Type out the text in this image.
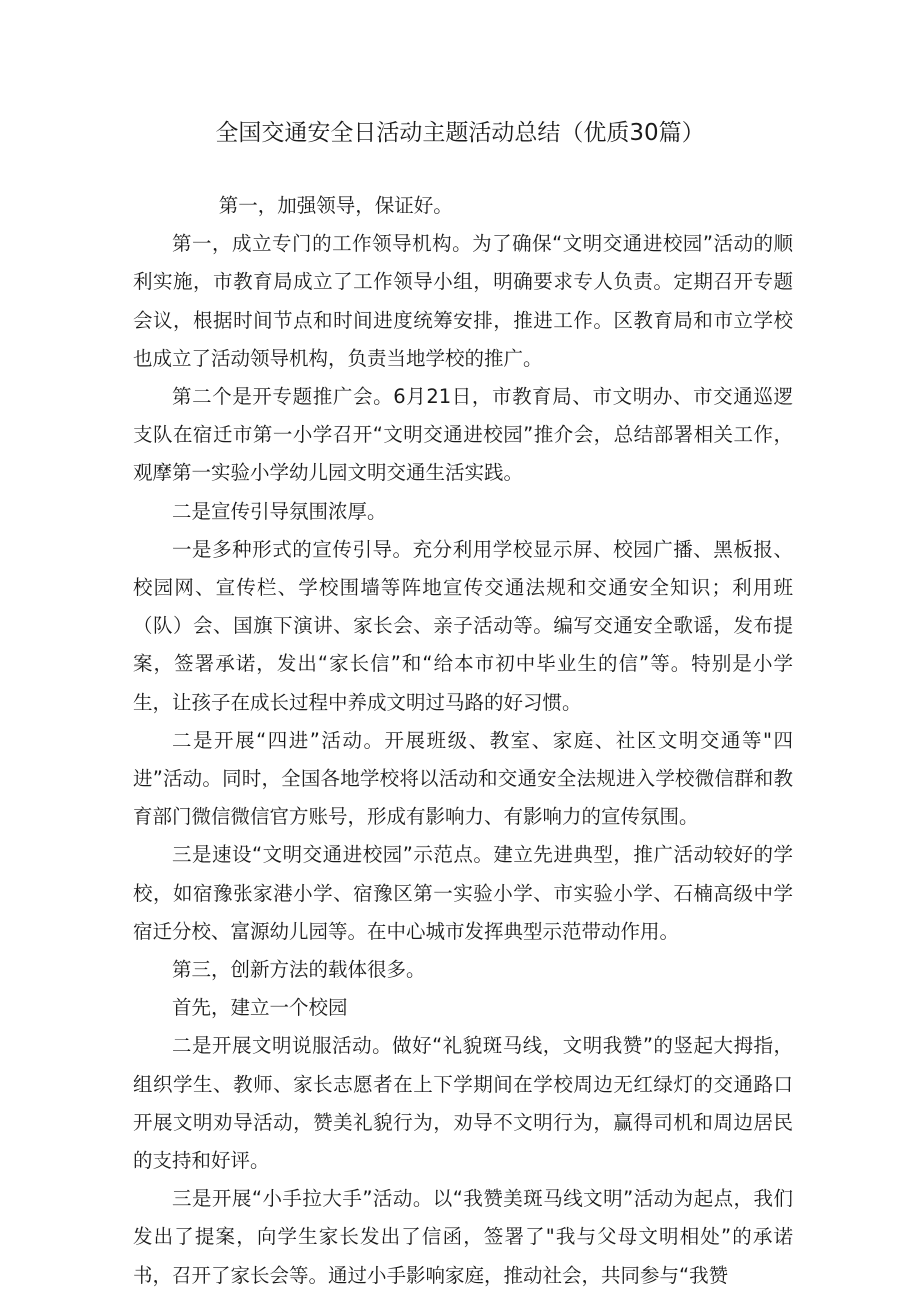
全国交通安全日活动主题活动总结（优质30篇）

第一，加强领导，保证好。

第一，成立专门的工作领导机构。为了确保“文明交通进校园”活动的顺利实施，市教育局成立了工作领导小组，明确要求专人负责。定期召开专题会议，根据时间节点和时间进度统筹安排，推进工作。区教育局和市立学校也成立了活动领导机构，负责当地学校的推广。

第二个是开专题推广会。6月21日，市教育局、市文明办、市交通巡逻支队在宿迁市第一小学召开“文明交通进校园”推介会，总结部署相关工作，观摩第一实验小学幼儿园文明交通生活实践。

二是宣传引导氛围浓厚。

一是多种形式的宣传引导。充分利用学校显示屏、校园广播、黑板报、校园网、宣传栏、学校围墙等阵地宣传交通法规和交通安全知识；利用班（队）会、国旗下演讲、家长会、亲子活动等。编写交通安全歌谣，发布提案，签署承诺，发出“家长信”和“给本市初中毕业生的信”等。特别是小学生，让孩子在成长过程中养成文明过马路的好习惯。

二是开展“四进”活动。开展班级、教室、家庭、社区文明交通等"四进”活动。同时，全国各地学校将以活动和交通安全法规进入学校微信群和教育部门微信微信官方账号，形成有影响力、有影响力的宣传氛围。

三是速设“文明交通进校园”示范点。建立先进典型，推广活动较好的学校，如宿豫张家港小学、宿豫区第一实验小学、市实验小学、石楠高级中学宿迁分校、富源幼儿园等。在中心城市发挥典型示范带动作用。

第三，创新方法的载体很多。

首先，建立一个校园

二是开展文明说服活动。做好“礼貌斑马线，文明我赞”的竖起大拇指，组织学生、教师、家长志愿者在上下学期间在学校周边无红绿灯的交通路口开展文明劝导活动，赞美礼貌行为，劝导不文明行为，赢得司机和周边居民的支持和好评。

三是开展“小手拉大手”活动。以“我赞美斑马线文明”活动为起点，我们发出了提案，向学生家长发出了信函，签署了"我与父母文明相处”的承诺书，召开了家长会等。通过小手影响家庭，推动社会，共同参与“我赞
